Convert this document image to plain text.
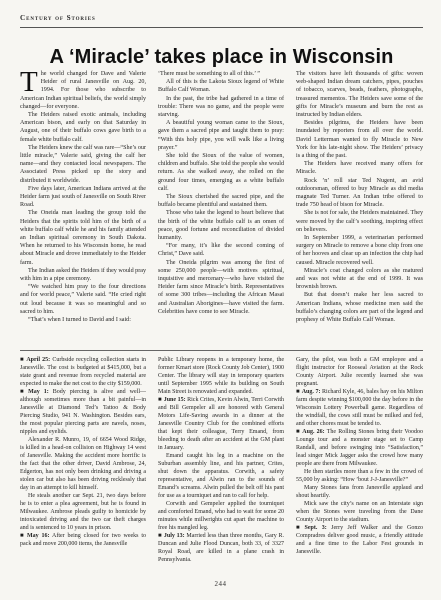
Century of Stories
A ‘Miracle’ takes place in Wisconsin

The world changed for Dave and Valerie Heider of rural Janesville on Aug. 20, 1994. For those who subscribe to American Indian spiritual beliefs, the world simply changed—for everyone.

The Heiders raised exotic animals, including American bison, and early on that Saturday in August, one of their buffalo cows gave birth to a female white buffalo calf.

The Heiders knew the calf was rare—“She’s our little miracle,” Valerie said, giving the calf her name—and they contacted local newspapers. The Associated Press picked up the story and distributed it worldwide.

Five days later, American Indians arrived at the Heider farm just south of Janesville on South River Road.

The Oneida man leading the group told the Heiders that the spirits told him of the birth of a white buffalo calf while he and his family attended an Indian spiritual ceremony in South Dakota. When he returned to his Wisconsin home, he read about Miracle and drove immediately to the Heider farm.

The Indian asked the Heiders if they would pray with him in a pipe ceremony.

“We watched him pray to the four directions and for world peace,” Valerie said. “He cried right out loud because it was so meaningful and so sacred to him.

“That’s when I turned to David and I said:

‘There must be something to all of this.’ ”

All of this is the Lakota Sioux legend of White Buffalo Calf Woman.

In the past, the tribe had gathered in a time of trouble: There was no game, and the people were starving.

A beautiful young woman came to the Sioux, gave them a sacred pipe and taught them to pray: “With this holy pipe, you will walk like a living prayer.”

She told the Sioux of the value of women, children and buffalo. She told the people she would return. As she walked away, she rolled on the ground four times, emerging as a white buffalo calf.

The Sioux cherished the sacred pipe, and the buffalo became plentiful and sustained them.

Those who take the legend to heart believe that the birth of the white buffalo calf is an omen of peace, good fortune and reconciliation of divided humanity.

“For many, it’s like the second coming of Christ,” Dave said.

The Oneida pilgrim was among the first of some 250,000 people—with motives spiritual, inquisitive and mercenary—who have visited the Heider farm since Miracle’s birth. Representatives of some 300 tribes—including the African Masai and Australian Aborigines—have visited the farm. Celebrities have come to see Miracle.

The visitors have left thousands of gifts: woven web-shaped Indian dream catchers, pipes, pouches of tobacco, scarves, beads, feathers, photographs, treasured mementos. The Heiders save some of the gifts for Miracle’s museum and burn the rest as instructed by Indian elders.

Besides pilgrims, the Heiders have been inundated by reporters from all over the world. David Letterman wanted to fly Miracle to New York for his late-night show. The Heiders’ privacy is a thing of the past.

The Heiders have received many offers for Miracle.

Rock ’n’ roll star Ted Nugent, an avid outdoorsman, offered to buy Miracle as did media magnate Ted Turner. An Indian tribe offered to trade 750 head of bison for Miracle.

She is not for sale, the Heiders maintained. They were moved by the calf’s soothing, inspiring effect on believers.

In September 1999, a veterinarian performed surgery on Miracle to remove a bone chip from one of her hooves and clear up an infection the chip had caused. Miracle recovered well.

Miracle’s coat changed colors as she matured and was not white at the end of 1999. It was brownish brown.

But that doesn’t make her less sacred to American Indians, whose medicine men said the buffalo’s changing colors are part of the legend and prophesy of White Buffalo Calf Woman.

■ April 25: Curbside recycling collection starts in Janesville. The cost is budgeted at $415,000, but a state grant and revenue from recycled material are expected to make the net cost to the city $159,000.

■ May 1: Body piercing is alive and well—although sometimes more than a bit painful—in Janesville at Diamond Ted’s Tattoo & Body Piercing Studio, 941 N. Washington. Besides ears, the most popular piercing parts are navels, noses, nipples and eyelids.

Alexander R. Munro, 19, of 6654 Wood Ridge, is killed in a head-on collision on Highway 14 west of Janesville. Making the accident more horrific is the fact that the other driver, David Ambrose, 24, Edgerton, has not only been drinking and driving a stolen car but also has been driving recklessly that day in an attempt to kill himself.

He steals another car Sept. 21, two days before he is to enter a plea agreement, but he is found in Milwaukee. Ambrose pleads guilty to homicide by intoxicated driving and the two car theft charges and is sentenced to 10 years in prison.

■ May 16: After being closed for two weeks to pack and move 200,000 items, the Janesville

Public Library reopens in a temporary home, the former Kmart store (Rock County Job Center), 1900 Center. The library will stay in temporary quarters until September 1995 while its building on South Main Street is renovated and expanded.

■ June 15: Rick Crites, Kevin Alwin, Terri Corwith and Bill Gempeler all are honored with General Motors Life-Saving awards in a dinner at the Janesville Country Club for the combined efforts that kept their colleague, Terry Emand, from bleeding to death after an accident at the GM plant in January.

Emand caught his leg in a machine on the Suburban assembly line, and his partner, Crites, shut down the apparatus. Corwith, a safety representative, and Alwin ran to the sounds of Emand’s screams. Alwin pulled the belt off his pant for use as a tourniquet and ran to call for help.

Corwith and Gempeler applied the tourniquet and comforted Emand, who had to wait for some 20 minutes while millwrights cut apart the machine to free his mangled leg.

■ July 13: Married less than three months, Gary R. Duncan and Julie Flood Duncan, both 33, of 3327 Royal Road, are killed in a plane crash in Pennsylvania.

Gary, the pilot, was both a GM employee and a flight instructor for Rooseal Aviation at the Rock County Airport. Julie recently learned she was pregnant.

■ Aug. 7: Richard Kyle, 46, bales hay on his Milton farm despite winning $100,000 the day before in the Wisconsin Lottery Powerball game. Regardless of the windfall, the cows still must be milked and fed, and other chores must be tended to.

■ Aug. 26: The Rolling Stones bring their Voodoo Lounge tour and a monster stage set to Camp Randall, and before swinging into “Satisfaction,” lead singer Mick Jagger asks the crowd how many people are there from Milwaukee.

He then startles more than a few in the crowd of 55,000 by asking: “How ’bout J-J-Janesville?”

Many Stones fans from Janesville applaud and shout heartily.

Mick saw the city’s name on an Interstate sign when the Stones were traveling from the Dane County Airport to the stadium.

■ Sept. 3: Jerry Jeff Walker and the Gonzo Compradres deliver good music, a friendly attitude and a fine time to the Labor Fest grounds in Janesville.

244
